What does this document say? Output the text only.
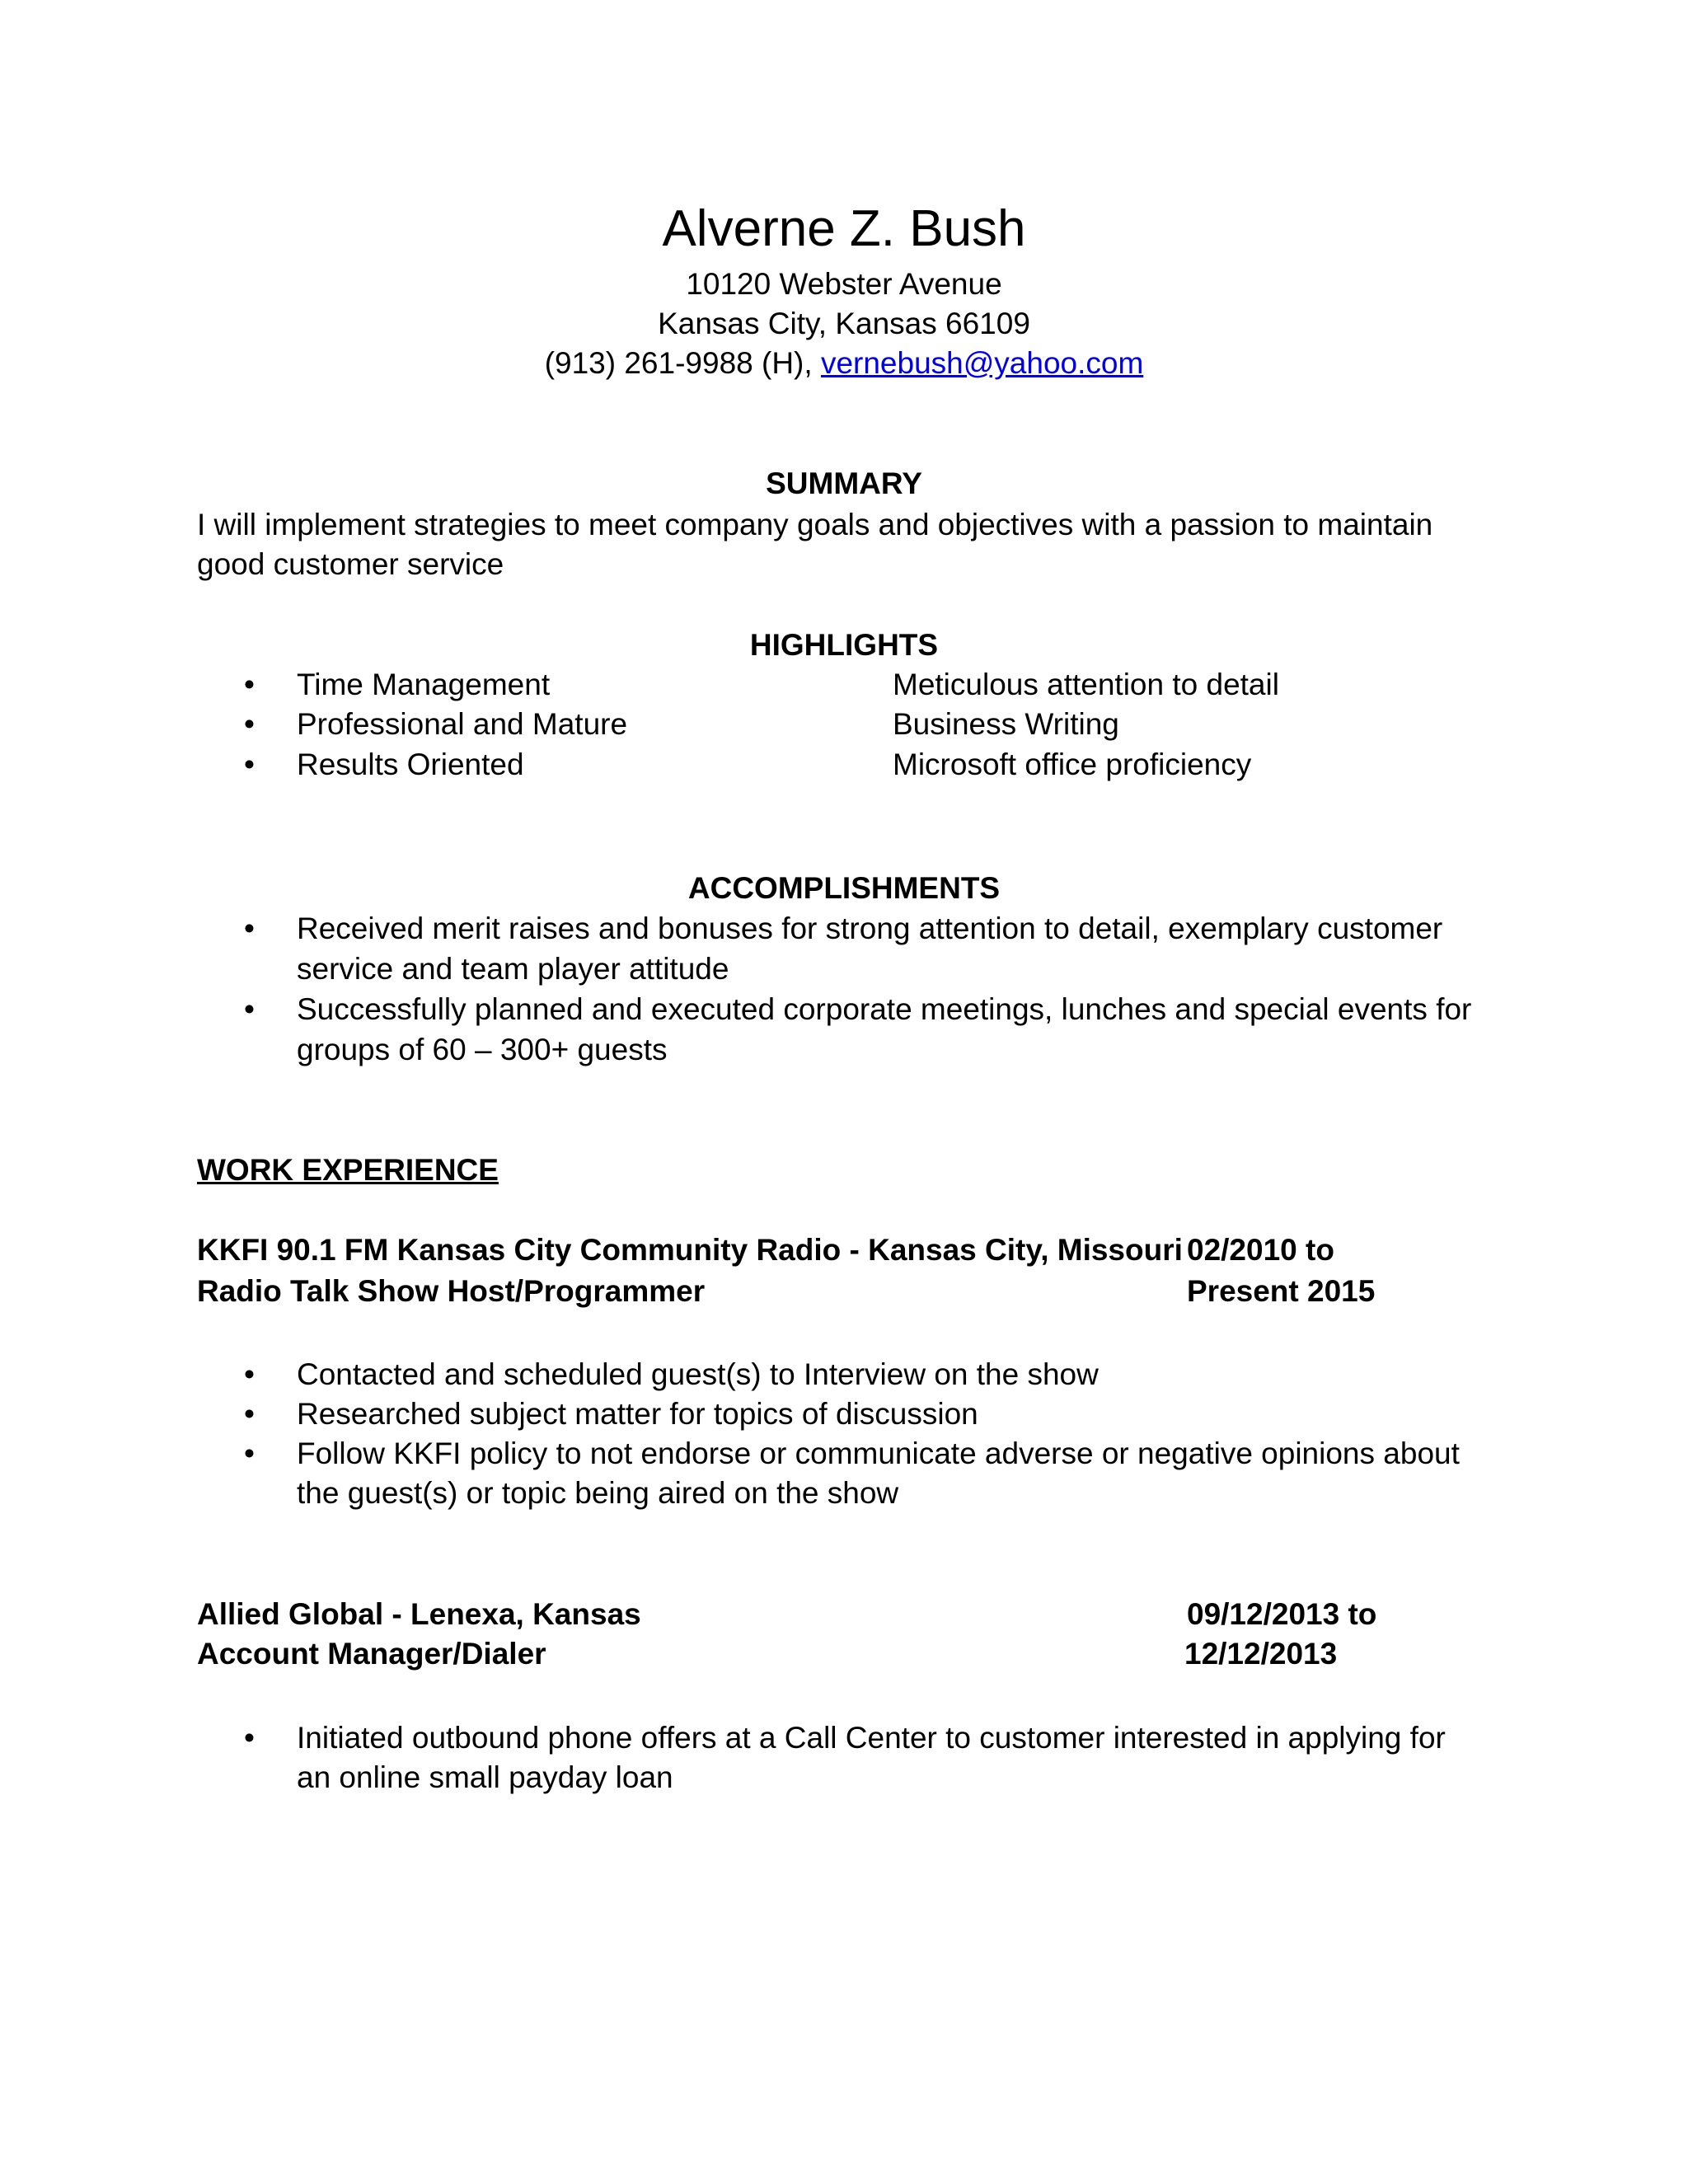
Alverne Z. Bush
10120 Webster Avenue
Kansas City, Kansas 66109
(913) 261-9988 (H), vernebush@yahoo.com
SUMMARY
I will implement strategies to meet company goals and objectives with a passion to maintain
good customer service
HIGHLIGHTS
• Time Management	Meticulous attention to detail
• Professional and Mature	Business Writing
• Results Oriented	Microsoft office proficiency
ACCOMPLISHMENTS
• Received merit raises and bonuses for strong attention to detail, exemplary customer
service and team player attitude
• Successfully planned and executed corporate meetings, lunches and special events for
groups of 60 – 300+ guests
WORK EXPERIENCE
KKFI 90.1 FM Kansas City Community Radio - Kansas City, Missouri 02/2010 to
Radio Talk Show Host/Programmer	Present 2015
• Contacted and scheduled guest(s) to Interview on the show
• Researched subject matter for topics of discussion
• Follow KKFI policy to not endorse or communicate adverse or negative opinions about
the guest(s) or topic being aired on the show
Allied Global - Lenexa, Kansas	09/12/2013 to
Account Manager/Dialer	12/12/2013
• Initiated outbound phone offers at a Call Center to customer interested in applying for
an online small payday loan
